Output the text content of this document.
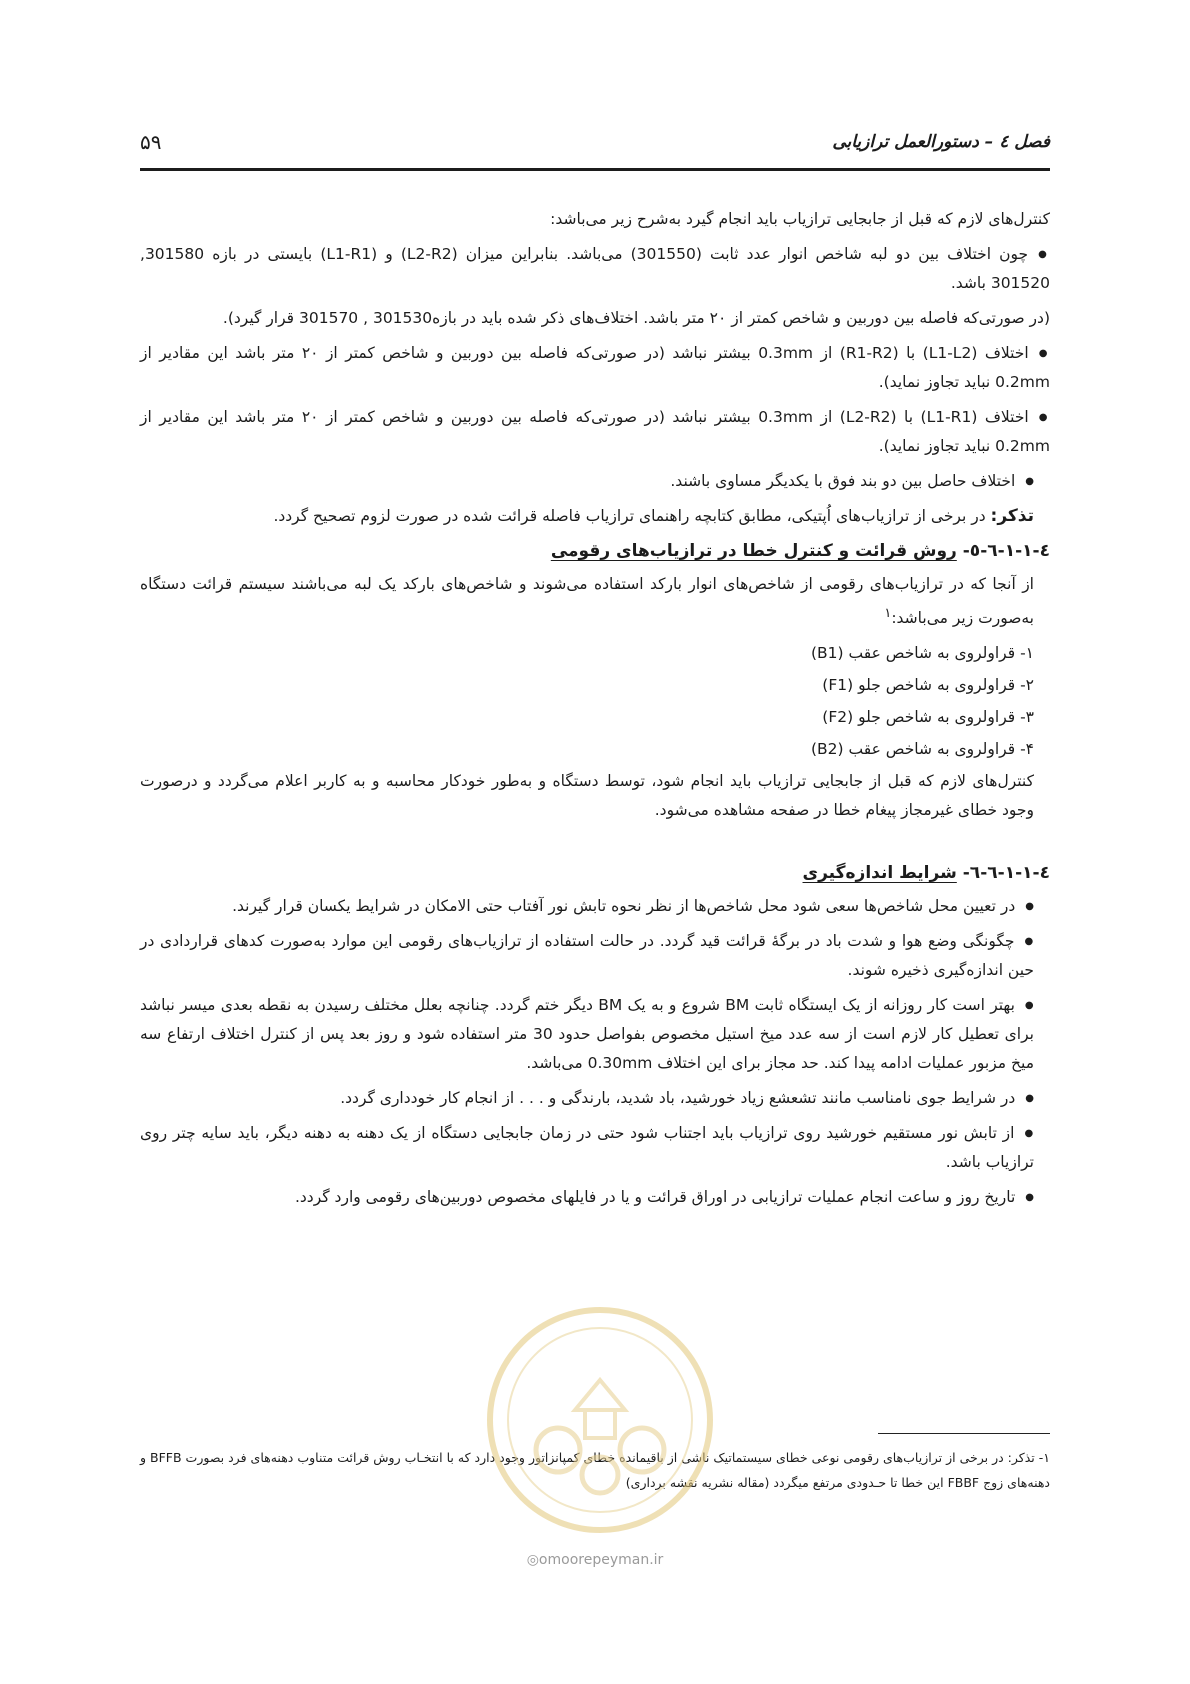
فصل ٤ – دستورالعمل ترازیابی
۵۹

کنترل‌های لازم که قبل از جابجایی ترازیاب باید انجام گیرد به‌شرح زیر می‌باشد:

● چون اختلاف بین دو لبه شاخص انوار عدد ثابت (301550) می‌باشد. بنابراین میزان (L2-R2) و (L1-R1) بایستی در بازه 301580, 301520 باشد.

(در صورتی‌که فاصله بین دوربین و شاخص کمتر از ۲۰ متر باشد. اختلاف‌های ذکر شده باید در بازه301530 , 301570 قرار گیرد).

● اختلاف (L1-L2) با (R1-R2) از 0.3mm بیشتر نباشد (در صورتی‌که فاصله بین دوربین و شاخص کمتر از ۲۰ متر باشد این مقادیر از 0.2mm نباید تجاوز نماید).

● اختلاف (L1-R1) با (L2-R2) از 0.3mm بیشتر نباشد (در صورتی‌که فاصله بین دوربین و شاخص کمتر از ۲۰ متر باشد این مقادیر از 0.2mm نباید تجاوز نماید).

● اختلاف حاصل بین دو بند فوق با یکدیگر مساوی باشند.

تذکر: در برخی از ترازیاب‌های اُپتیکی، مطابق کتابچه راهنمای ترازیاب فاصله قرائت شده در صورت لزوم تصحیح گردد.

٤-١-١-٦-٥- روش قرائت و کنترل خطا در ترازیاب‌های رقومی

از آنجا که در ترازیاب‌های رقومی از شاخص‌های انوار بارکد استفاده می‌شوند و شاخص‌های بارکد یک لبه می‌باشند سیستم قرائت دستگاه به‌صورت زیر می‌باشد:$^١$

١- قراولروی به شاخص عقب (B1)

٢- قراولروی به شاخص جلو (F1)

٣- قراولروی به شاخص جلو (F2)

۴- قراولروی به شاخص عقب (B2)

کنترل‌های لازم که قبل از جابجایی ترازیاب باید انجام شود، توسط دستگاه و به‌طور خودکار محاسبه و به کاربر اعلام می‌گردد و درصورت وجود خطای غیرمجاز پیغام خطا در صفحه مشاهده می‌شود.

٤-١-١-٦-٦- شرایط اندازه‌گیری

● در تعیین محل شاخص‌ها سعی شود محل شاخص‌ها از نظر نحوه تابش نور آفتاب حتی الامکان در شرایط یکسان قرار گیرند.

● چگونگی وضع هوا و شدت باد در برگهٔ قرائت قید گردد. در حالت استفاده از ترازیاب‌های رقومی این موارد به‌صورت کدهای قراردادی در حین اندازه‌گیری ذخیره شوند.

● بهتر است کار روزانه از یک ایستگاه ثابت BM شروع و به یک BM دیگر ختم گردد. چنانچه بعلل مختلف رسیدن به نقطه بعدی میسر نباشد برای تعطیل کار لازم است از سه عدد میخ استیل مخصوص بفواصل حدود 30 متر استفاده شود و روز بعد پس از کنترل اختلاف ارتفاع سه میخ مزبور عملیات ادامه پیدا کند. حد مجاز برای این اختلاف 0.30mm می‌باشد.

● در شرایط جوی نامناسب مانند تشعشع زیاد خورشید، باد شدید، بارندگی و . . . از انجام کار خودداری گردد.

● از تابش نور مستقیم خورشید روی ترازیاب باید اجتناب شود حتی در زمان جابجایی دستگاه از یک دهنه به دهنه دیگر، باید سایه چتر روی ترازیاب باشد.

● تاریخ روز و ساعت انجام عملیات ترازیابی در اوراق قرائت و یا در فایلهای مخصوص دوربین‌های رقومی وارد گردد.

١- تذکر: در برخی از ترازیاب‌های رقومی نوعی خطای سیستماتیک ناشی از باقیمانده خطای کمپانزاتور وجود دارد که با انتخـاب روش قرائت متناوب دهنه‌های فرد بصورت BFFB و دهنه‌های زوج FBBF این خطا تا حـدودی مرتفع میگردد (مقاله نشریه نقشه برداری)

◎omoorepeyman.ir
